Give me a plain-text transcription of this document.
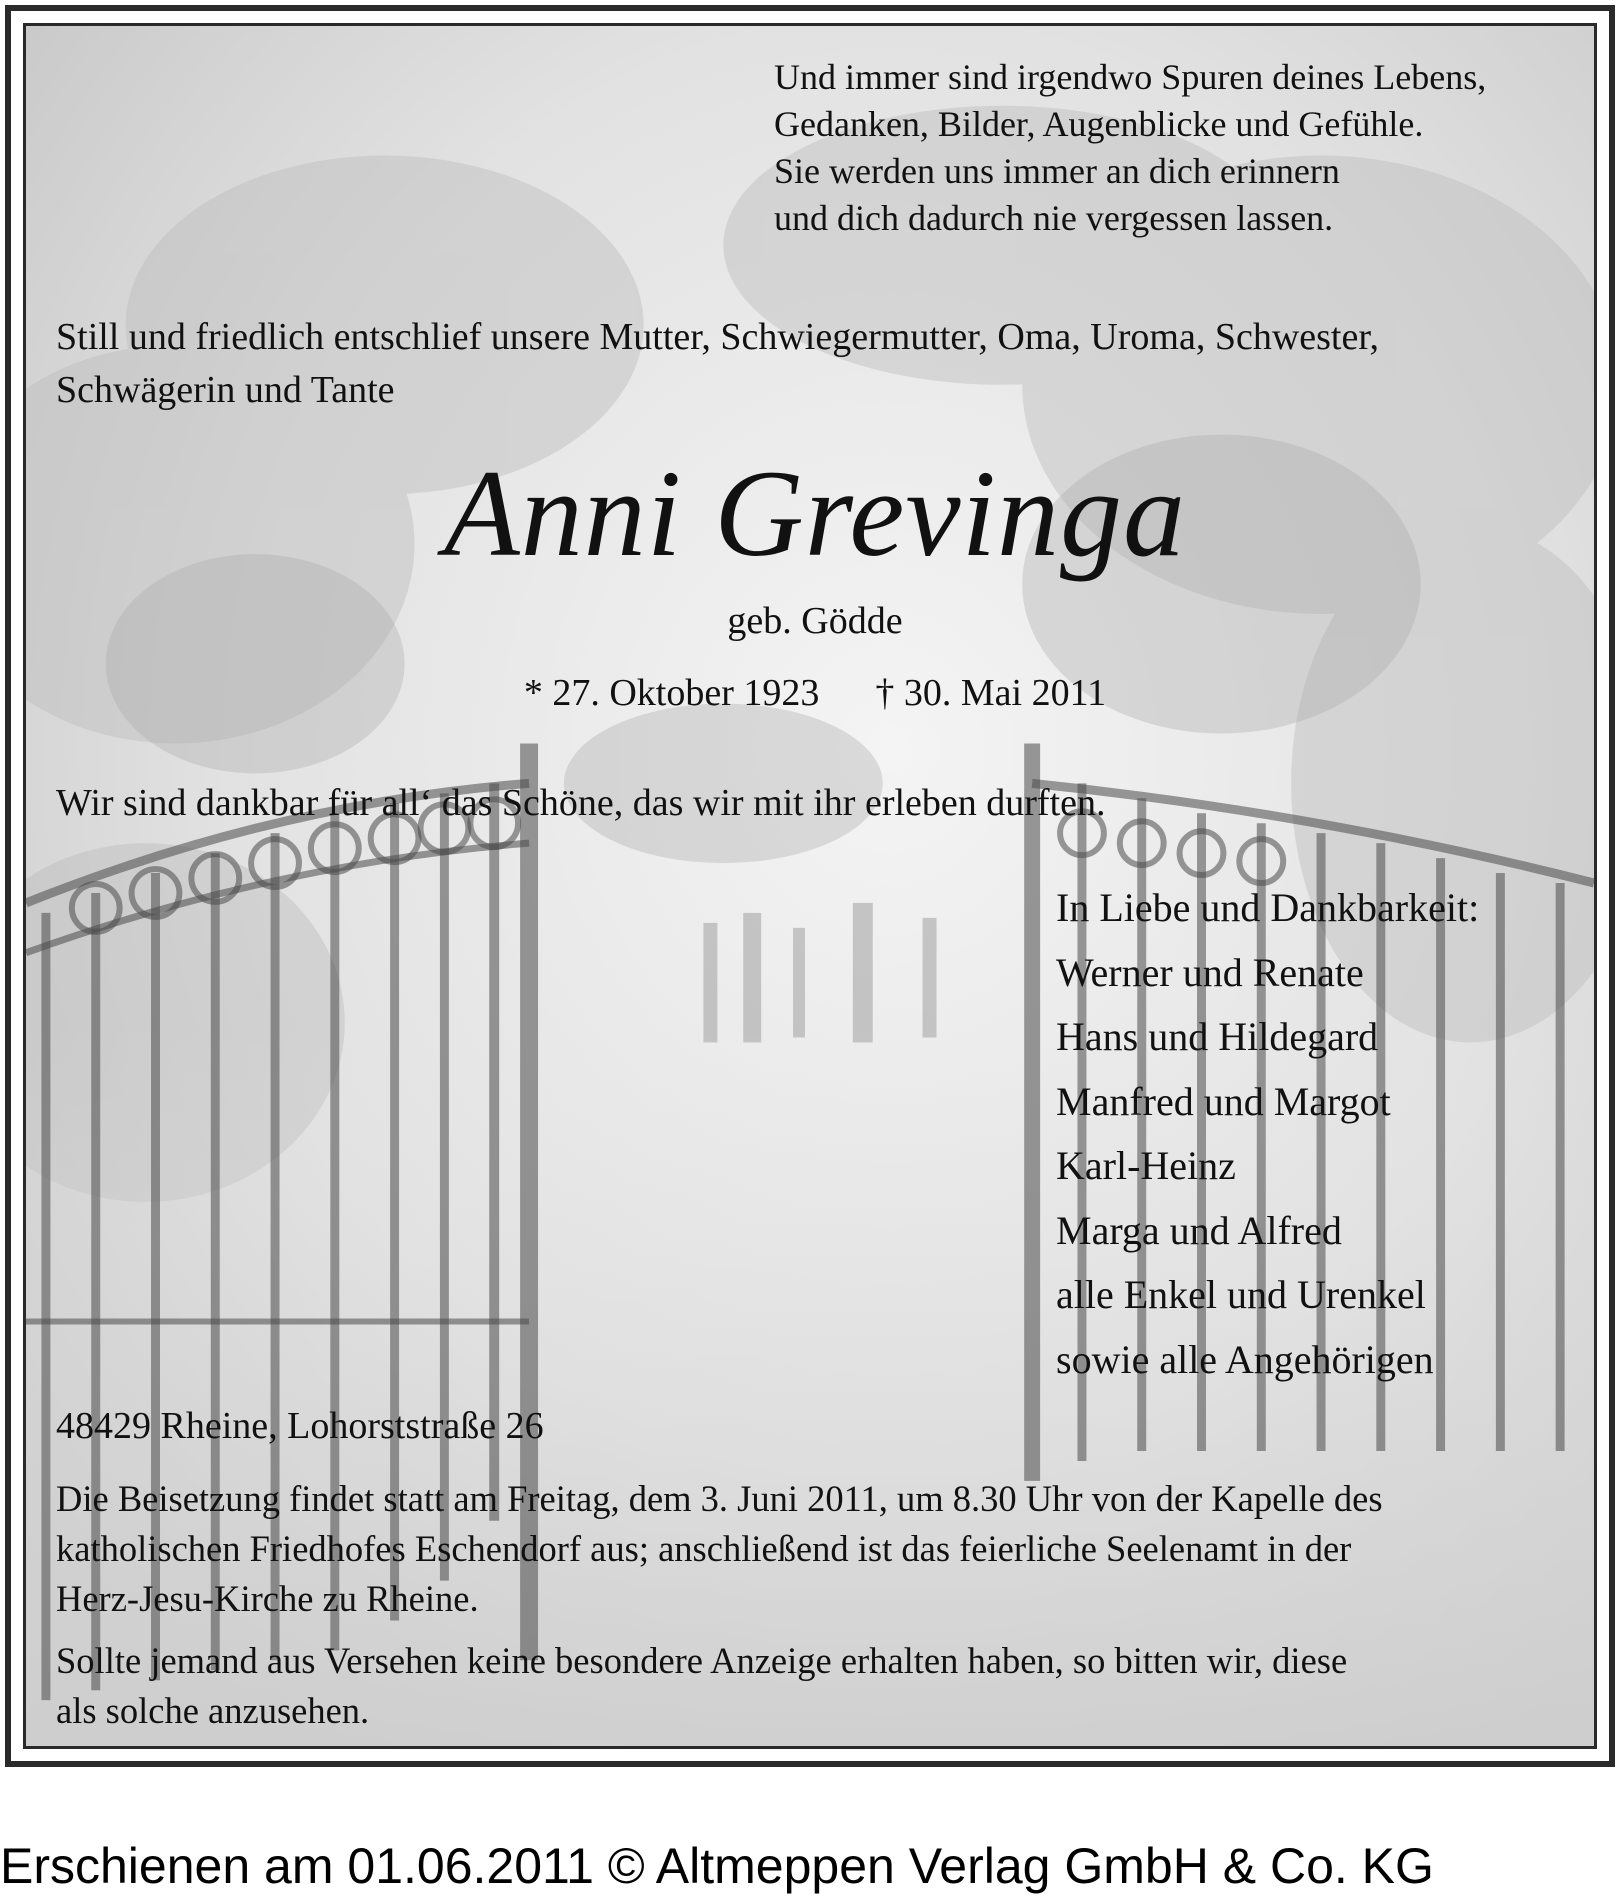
Und immer sind irgendwo Spuren deines Lebens,
Gedanken, Bilder, Augenblicke und Gefühle.
Sie werden uns immer an dich erinnern
und dich dadurch nie vergessen lassen.
Still und friedlich entschlief unsere Mutter, Schwiegermutter, Oma, Uroma, Schwester,
Schwägerin und Tante
Anni Grevinga
geb. Gödde
* 27. Oktober 1923 † 30. Mai 2011
Wir sind dankbar für all‘ das Schöne, das wir mit ihr erleben durften.
In Liebe und Dankbarkeit:
Werner und Renate
Hans und Hildegard
Manfred und Margot
Karl-Heinz
Marga und Alfred
alle Enkel und Urenkel
sowie alle Angehörigen
48429 Rheine, Lohorststraße 26
Die Beisetzung findet statt am Freitag, dem 3. Juni 2011, um 8.30 Uhr von der Kapelle des
katholischen Friedhofes Eschendorf aus; anschließend ist das feierliche Seelenamt in der
Herz-Jesu-Kirche zu Rheine.
Sollte jemand aus Versehen keine besondere Anzeige erhalten haben, so bitten wir, diese
als solche anzusehen.
Erschienen am 01.06.2011 © Altmeppen Verlag GmbH & Co. KG
